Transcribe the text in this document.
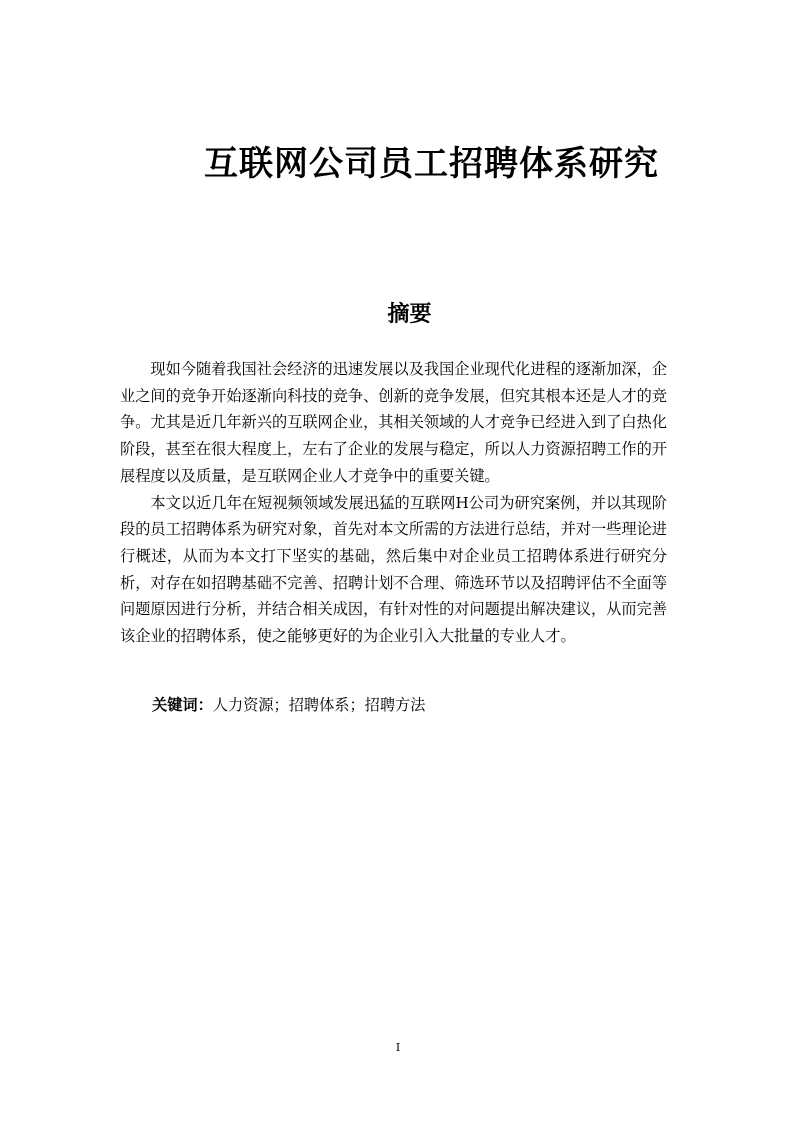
互联网公司员工招聘体系研究
摘要

现如今随着我国社会经济的迅速发展以及我国企业现代化进程的逐渐加深，企业之间的竞争开始逐渐向科技的竞争、创新的竞争发展，但究其根本还是人才的竞争。尤其是近几年新兴的互联网企业，其相关领域的人才竞争已经进入到了白热化阶段，甚至在很大程度上，左右了企业的发展与稳定，所以人力资源招聘工作的开展程度以及质量，是互联网企业人才竞争中的重要关键。

本文以近几年在短视频领域发展迅猛的互联网H公司为研究案例，并以其现阶段的员工招聘体系为研究对象，首先对本文所需的方法进行总结，并对一些理论进行概述，从而为本文打下坚实的基础，然后集中对企业员工招聘体系进行研究分析，对存在如招聘基础不完善、招聘计划不合理、筛选环节以及招聘评估不全面等问题原因进行分析，并结合相关成因，有针对性的对问题提出解决建议，从而完善该企业的招聘体系，使之能够更好的为企业引入大批量的专业人才。

关键词：人力资源；招聘体系；招聘方法
I
